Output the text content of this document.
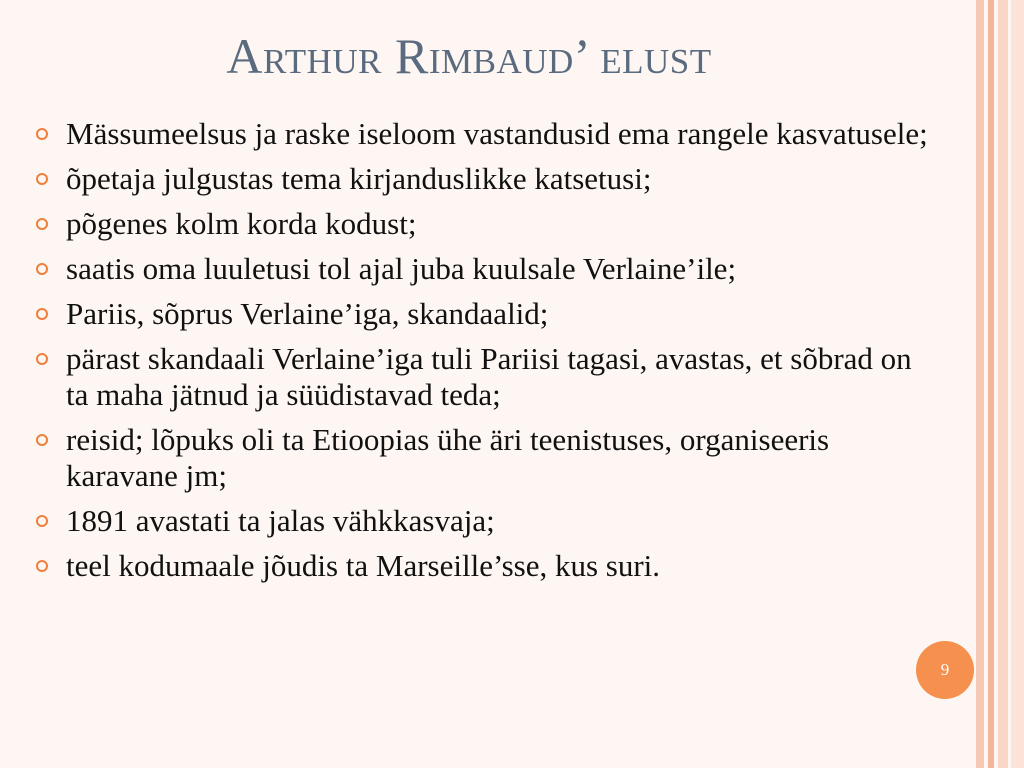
Arthur Rimbaud’ elust
Mässumeelsus ja raske iseloom vastandusid ema rangele kasvatusele;
õpetaja julgustas tema kirjanduslikke katsetusi;
põgenes kolm korda kodust;
saatis oma luuletusi tol ajal juba kuulsale Verlaine’ile;
Pariis, sõprus Verlaine’iga, skandaalid;
pärast skandaali Verlaine’iga tuli Pariisi tagasi, avastas, et sõbrad on ta maha jätnud ja süüdistavad teda;
reisid; lõpuks oli ta Etioopias ühe äri teenistuses, organiseeris karavane jm;
1891 avastati ta jalas vähkkasvaja;
teel kodumaale jõudis ta Marseille’sse, kus suri.
9
